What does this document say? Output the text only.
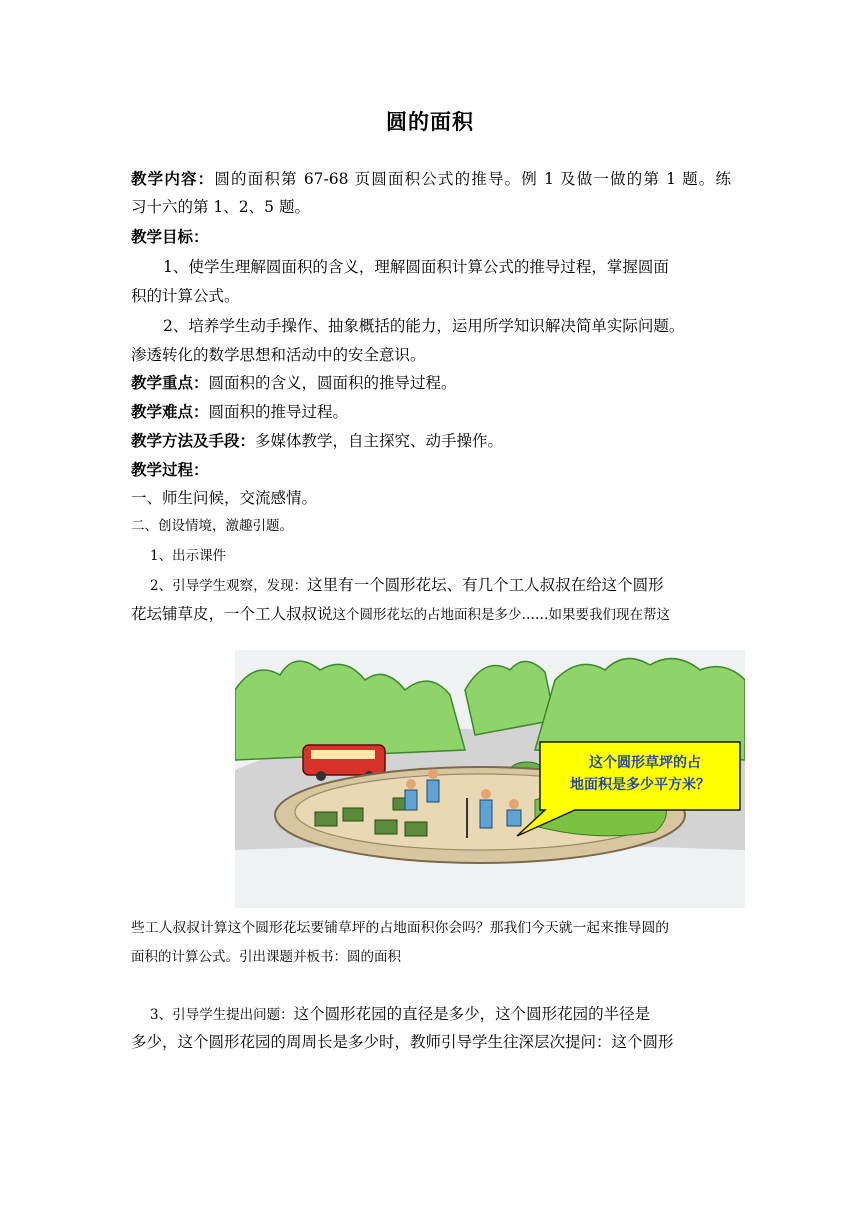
圆的面积
教学内容：圆的面积第 67-68 页圆面积公式的推导。例 1 及做一做的第 1 题。练
习十六的第 1、2、5 题。
教学目标：
1、使学生理解圆面积的含义，理解圆面积计算公式的推导过程，掌握圆面
积的计算公式。
2、培养学生动手操作、抽象概括的能力，运用所学知识解决简单实际问题。
渗透转化的数学思想和活动中的安全意识。
教学重点：圆面积的含义，圆面积的推导过程。
教学难点：圆面积的推导过程。
教学方法及手段：多媒体教学，自主探究、动手操作。
教学过程：
一、师生问候，交流感情。
二、创设情境，激趣引题。
1、出示课件
2、引导学生观察，发现：这里有一个圆形花坛、有几个工人叔叔在给这个圆形
花坛铺草皮，一个工人叔叔说这个圆形花坛的占地面积是多少……如果要我们现在帮这
这个圆形草坪的占
地面积是多少平方米？
些工人叔叔计算这个圆形花坛要铺草坪的占地面积你会吗？那我们今天就一起来推导圆的
面积的计算公式。引出课题并板书：圆的面积
3、引导学生提出问题：这个圆形花园的直径是多少，这个圆形花园的半径是
多少，这个圆形花园的周周长是多少时，教师引导学生往深层次提问：这个圆形
